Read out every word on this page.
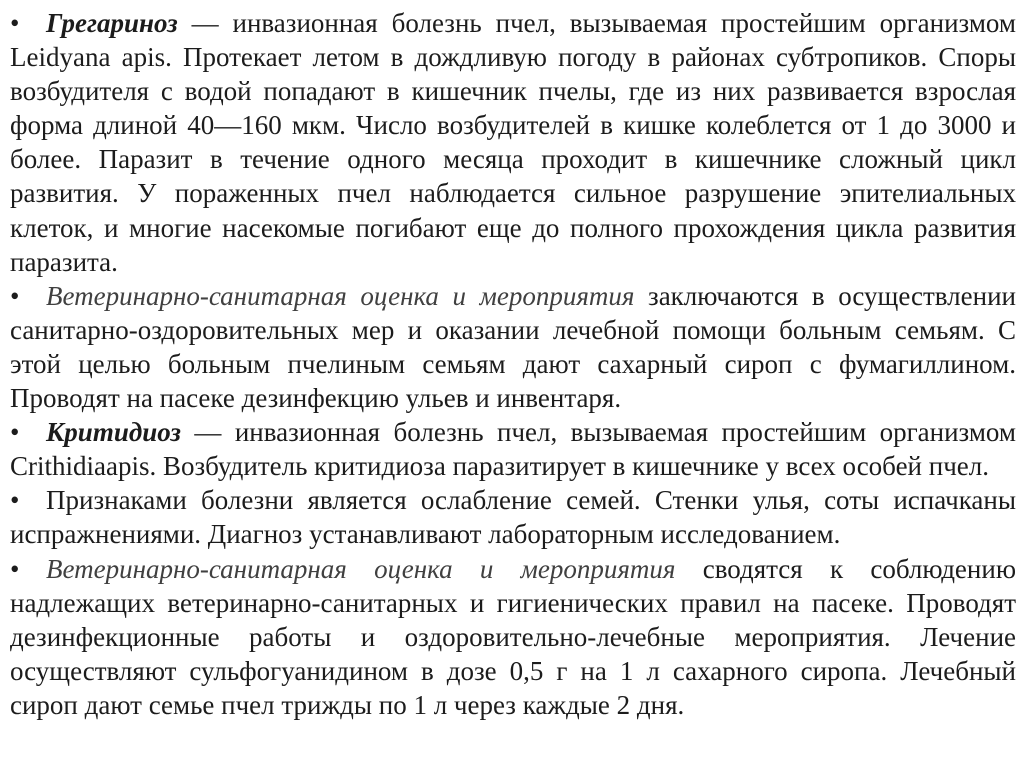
• Грегариноз — инвазионная болезнь пчел, вызываемая простейшим организмом Leidyana apis. Протекает летом в дождливую погоду в районах субтропиков. Споры возбудителя с водой попадают в кишечник пчелы, где из них развивается взрослая форма длиной 40—160 мкм. Число возбудителей в кишке колеблется от 1 до 3000 и более. Паразит в течение одного месяца проходит в кишечнике сложный цикл развития. У пораженных пчел наблюдается сильное разрушение эпителиальных клеток, и многие насекомые погибают еще до полного прохождения цикла развития паразита.

• Ветеринарно-санитарная оценка и мероприятия заключаются в осуществлении санитарно-оздоровительных мер и оказании лечебной помощи больным семьям. С этой целью больным пчелиным семьям дают сахарный сироп с фумагиллином. Проводят на пасеке дезинфекцию ульев и инвентаря.

• Критидиоз — инвазионная болезнь пчел, вызываемая простейшим организмом Crithidiaapis. Возбудитель критидиоза паразитирует в кишечнике у всех особей пчел.

• Признаками болезни является ослабление семей. Стенки улья, соты испачканы испражнениями. Диагноз устанавливают лабораторным исследованием.

• Ветеринарно-санитарная оценка и мероприятия сводятся к соблюдению надлежащих ветеринарно-санитарных и гигиенических правил на пасеке. Проводят дезинфекционные работы и оздоровительно-лечебные мероприятия. Лечение осуществляют сульфогуанидином в дозе 0,5 г на 1 л сахарного сиропа. Лечебный сироп дают семье пчел трижды по 1 л через каждые 2 дня.
